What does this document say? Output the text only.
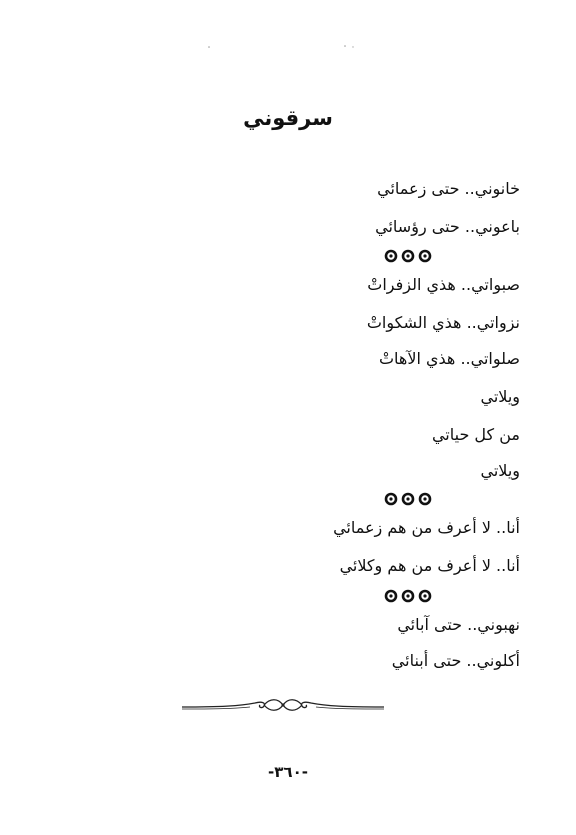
سرقوني
خانوني.. حتى زعمائي
باعوني.. حتى رؤسائي
صبواتي.. هذي الزفراتْ
نزواتي.. هذي الشكواتْ
صلواتي.. هذي الآهاتْ
ويلاتي
من كل حياتي
ويلاتي
أنا.. لا أعرف من هم زعمائي
أنا.. لا أعرف من هم وكلائي
نهبوني.. حتى آبائي
أكلوني.. حتى أبنائي
-٣٦٠-
